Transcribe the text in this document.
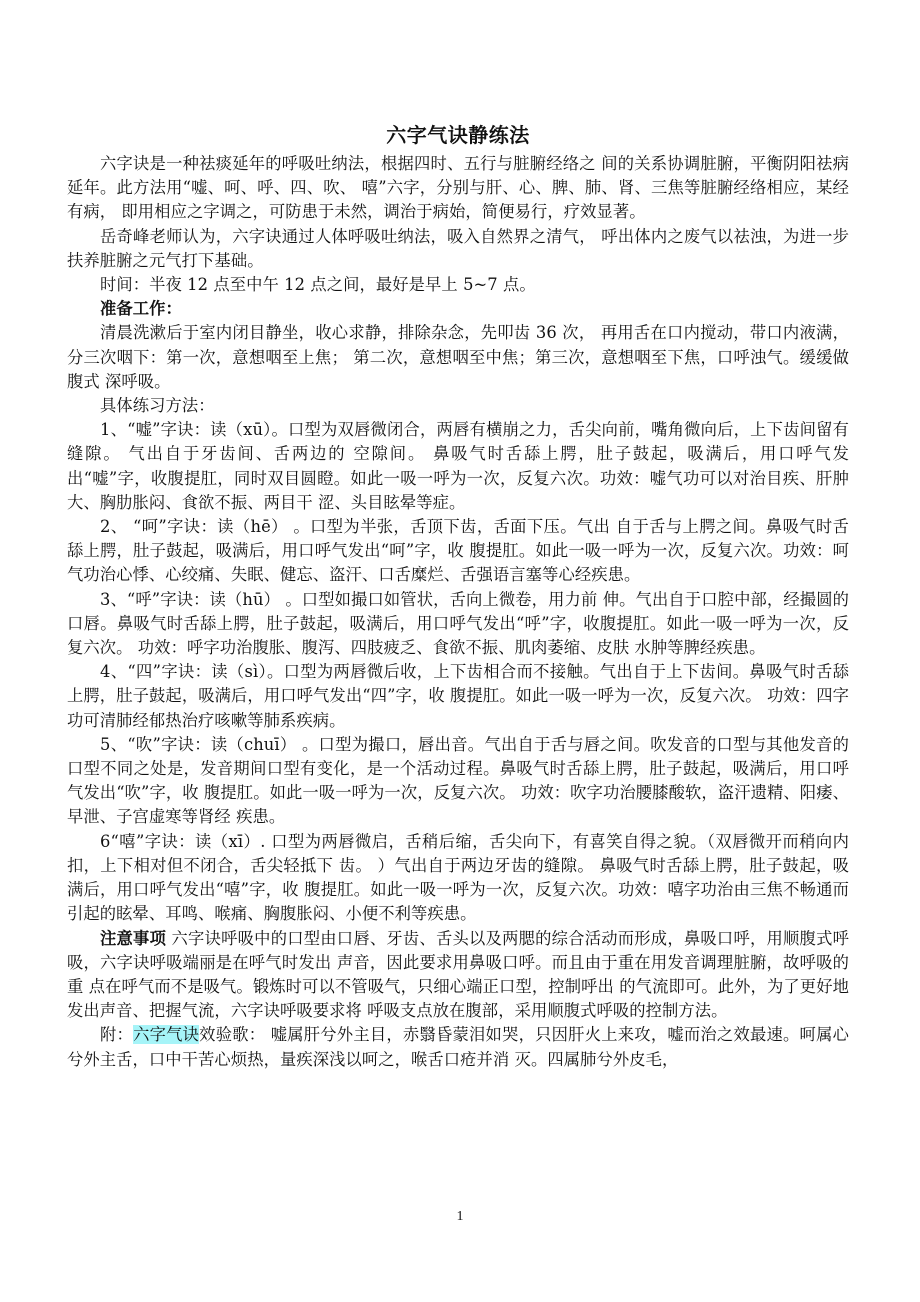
六字气诀静练法

六字诀是一种祛痰延年的呼吸吐纳法，根据四时、五行与脏腑经络之 间的关系协调脏腑，平衡阴阳祛病延年。此方法用“嘘、呵、呼、四、吹、 嘻”六字，分别与肝、心、脾、肺、肾、三焦等脏腑经络相应，某经有病， 即用相应之字调之，可防患于未然，调治于病始，简便易行，疗效显著。

岳奇峰老师认为，六字诀通过人体呼吸吐纳法，吸入自然界之清气， 呼出体内之废气以祛浊，为进一步扶养脏腑之元气打下基础。

时间：半夜 12 点至中午 12 点之间，最好是早上 5~7 点。

准备工作：

清晨洗漱后于室内闭目静坐，收心求静，排除杂念，先叩齿 36 次， 再用舌在口内搅动，带口内液满，分三次咽下：第一次，意想咽至上焦； 第二次，意想咽至中焦；第三次，意想咽至下焦，口呼浊气。缓缓做腹式 深呼吸。

具体练习方法：

1、“嘘”字诀：读（xū）。口型为双唇微闭合，两唇有横崩之力，舌尖向前，嘴角微向后，上下齿间留有缝隙。 气出自于牙齿间、舌两边的 空隙间。 鼻吸气时舌舔上腭，肚子鼓起，吸满后，用口呼气发出“嘘”字，收腹提肛，同时双目圆瞪。如此一吸一呼为一次，反复六次。功效：嘘气功可以对治目疾、肝肿大、胸肋胀闷、食欲不振、两目干 涩、头目眩晕等症。

2、 “呵”字诀：读（hē） 。口型为半张，舌顶下齿，舌面下压。气出 自于舌与上腭之间。鼻吸气时舌舔上腭，肚子鼓起，吸满后，用口呼气发出“呵”字，收 腹提肛。如此一吸一呼为一次，反复六次。功效：呵气功治心悸、心绞痛、失眠、健忘、盗汗、口舌糜烂、舌强语言塞等心经疾患。

3、“呼”字诀：读（hū） 。口型如撮口如管状，舌向上微卷，用力前 伸。气出自于口腔中部，经撮圆的口唇。鼻吸气时舌舔上腭，肚子鼓起，吸满后，用口呼气发出“呼”字，收腹提肛。如此一吸一呼为一次，反复六次。 功效：呼字功治腹胀、腹泻、四肢疲乏、食欲不振、肌肉萎缩、皮肤 水肿等脾经疾患。

4、“四”字诀：读（sì）。口型为两唇微后收，上下齿相合而不接触。气出自于上下齿间。鼻吸气时舌舔上腭，肚子鼓起，吸满后，用口呼气发出“四”字，收 腹提肛。如此一吸一呼为一次，反复六次。 功效：四字功可清肺经郁热治疗咳嗽等肺系疾病。

5、“吹”字诀：读（chuī） 。口型为撮口，唇出音。气出自于舌与唇之间。吹发音的口型与其他发音的口型不同之处是，发音期间口型有变化，是一个活动过程。鼻吸气时舌舔上腭，肚子鼓起，吸满后，用口呼气发出“吹”字，收 腹提肛。如此一吸一呼为一次，反复六次。 功效：吹字功治腰膝酸软，盗汗遗精、阳痿、早泄、子宫虚寒等肾经 疾患。

6“嘻”字诀：读（xī）. 口型为两唇微启，舌稍后缩，舌尖向下，有喜笑自得之貌。（双唇微开而稍向内扣，上下相对但不闭合，舌尖轻抵下 齿。 ）气出自于两边牙齿的缝隙。 鼻吸气时舌舔上腭，肚子鼓起，吸满后，用口呼气发出“嘻”字，收 腹提肛。如此一吸一呼为一次，反复六次。功效：嘻字功治由三焦不畅通而引起的眩晕、耳鸣、喉痛、胸腹胀闷、小便不利等疾患。

注意事项 六字诀呼吸中的口型由口唇、牙齿、舌头以及两腮的综合活动而形成，鼻吸口呼，用顺腹式呼吸，六字诀呼吸端丽是在呼气时发出 声音，因此要求用鼻吸口呼。而且由于重在用发音调理脏腑，故呼吸的重 点在呼气而不是吸气。锻炼时可以不管吸气，只细心端正口型，控制呼出 的气流即可。此外，为了更好地发出声音、把握气流，六字诀呼吸要求将 呼吸支点放在腹部，采用顺腹式呼吸的控制方法。

附：六字气诀效验歌： 嘘属肝兮外主目，赤翳昏蒙泪如哭，只因肝火上来攻，嘘而治之效最速。呵属心兮外主舌，口中干苦心烦热，量疾深浅以呵之，喉舌口疮并消 灭。四属肺兮外皮毛，

1
